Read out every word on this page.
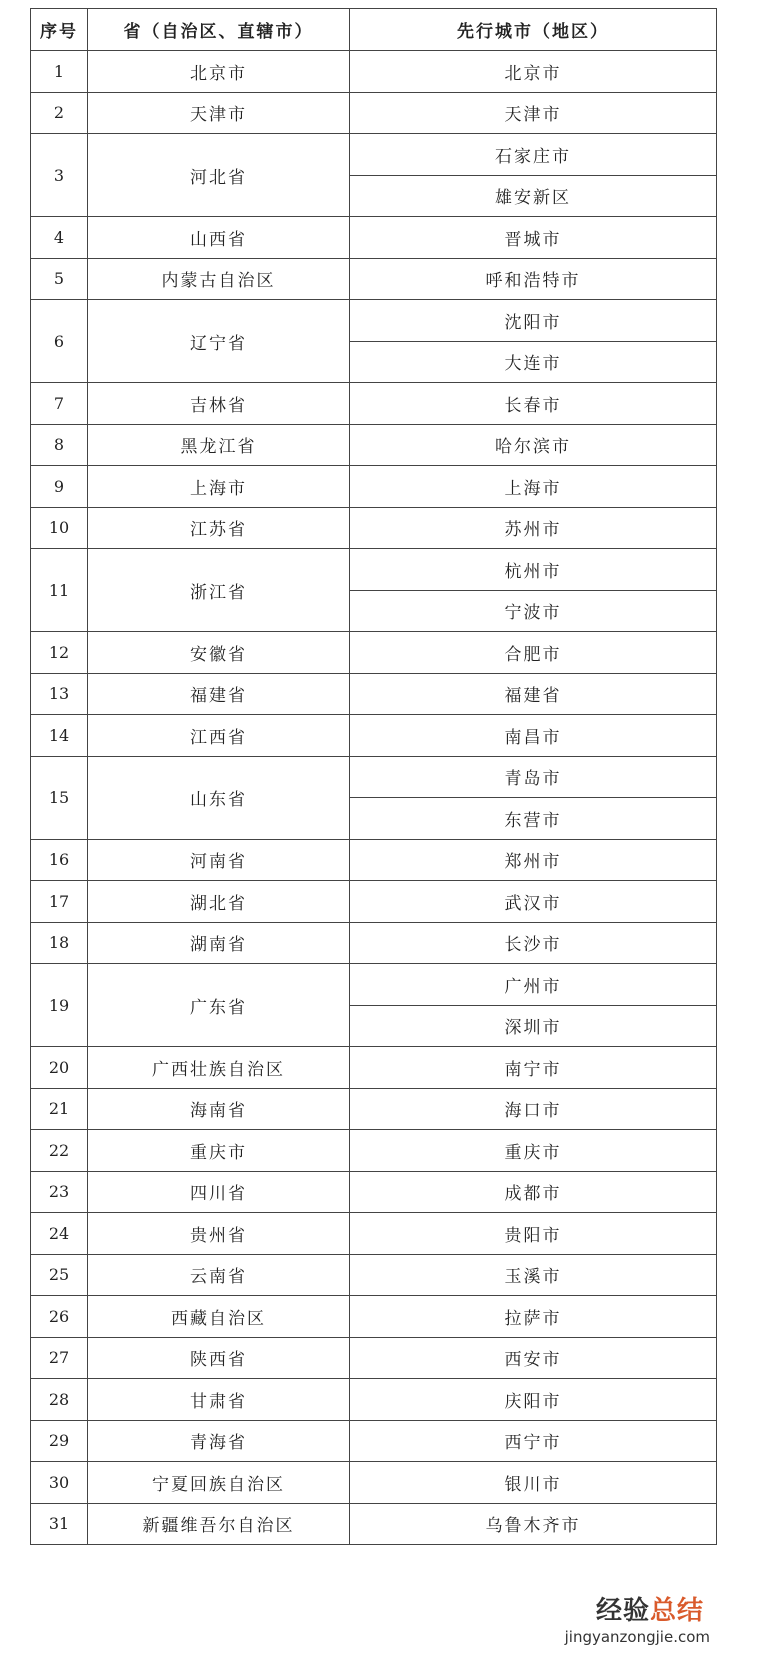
序号	省（自治区、直辖市）	先行城市（地区）
1	北京市	北京市
2	天津市	天津市
3	河北省	石家庄市
		雄安新区
4	山西省	晋城市
5	内蒙古自治区	呼和浩特市
6	辽宁省	沈阳市
		大连市
7	吉林省	长春市
8	黑龙江省	哈尔滨市
9	上海市	上海市
10	江苏省	苏州市
11	浙江省	杭州市
		宁波市
12	安徽省	合肥市
13	福建省	福建省
14	江西省	南昌市
15	山东省	青岛市
		东营市
16	河南省	郑州市
17	湖北省	武汉市
18	湖南省	长沙市
19	广东省	广州市
		深圳市
20	广西壮族自治区	南宁市
21	海南省	海口市
22	重庆市	重庆市
23	四川省	成都市
24	贵州省	贵阳市
25	云南省	玉溪市
26	西藏自治区	拉萨市
27	陕西省	西安市
28	甘肃省	庆阳市
29	青海省	西宁市
30	宁夏回族自治区	银川市
31	新疆维吾尔自治区	乌鲁木齐市
经验总结
jingyanzongjie.com
